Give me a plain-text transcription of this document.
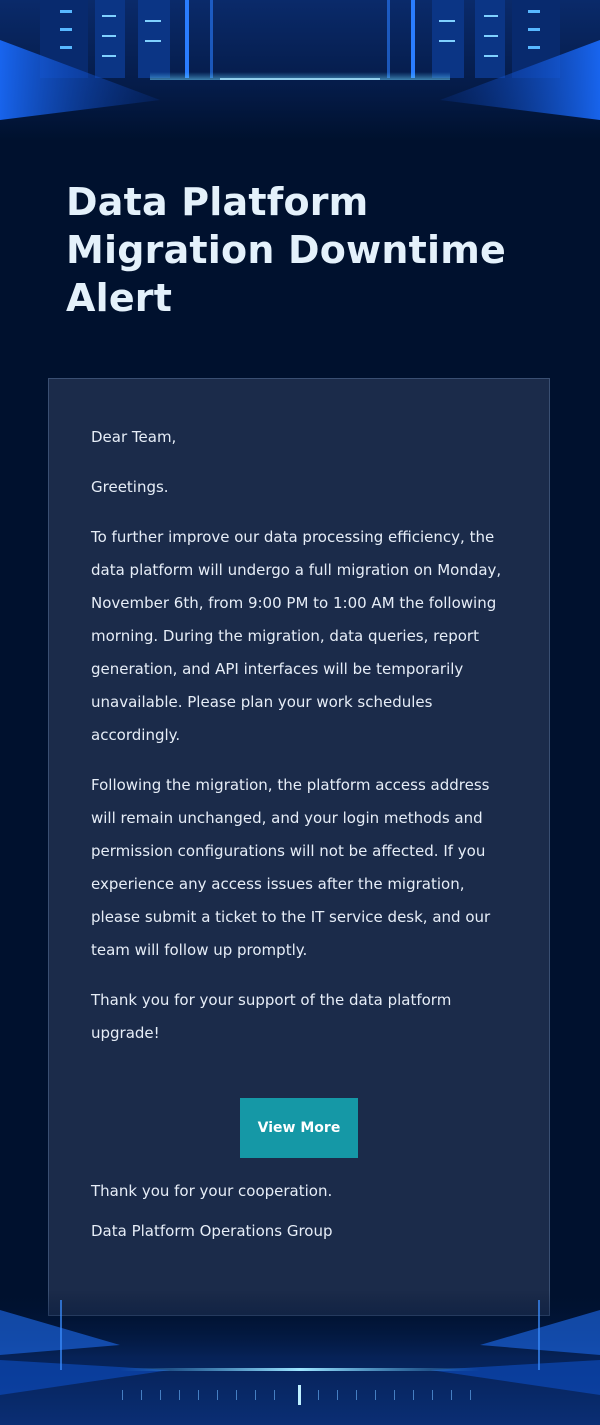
Data Platform Migration Downtime Alert

Dear Team,

Greetings.

To further improve our data processing efficiency, the data platform will undergo a full migration on Monday, November 6th, from 9:00 PM to 1:00 AM the following morning. During the migration, data queries, report generation, and API interfaces will be temporarily unavailable. Please plan your work schedules accordingly.

Following the migration, the platform access address will remain unchanged, and your login methods and permission configurations will not be affected. If you experience any access issues after the migration, please submit a ticket to the IT service desk, and our team will follow up promptly.

Thank you for your support of the data platform upgrade!

View More

Thank you for your cooperation.

Data Platform Operations Group
